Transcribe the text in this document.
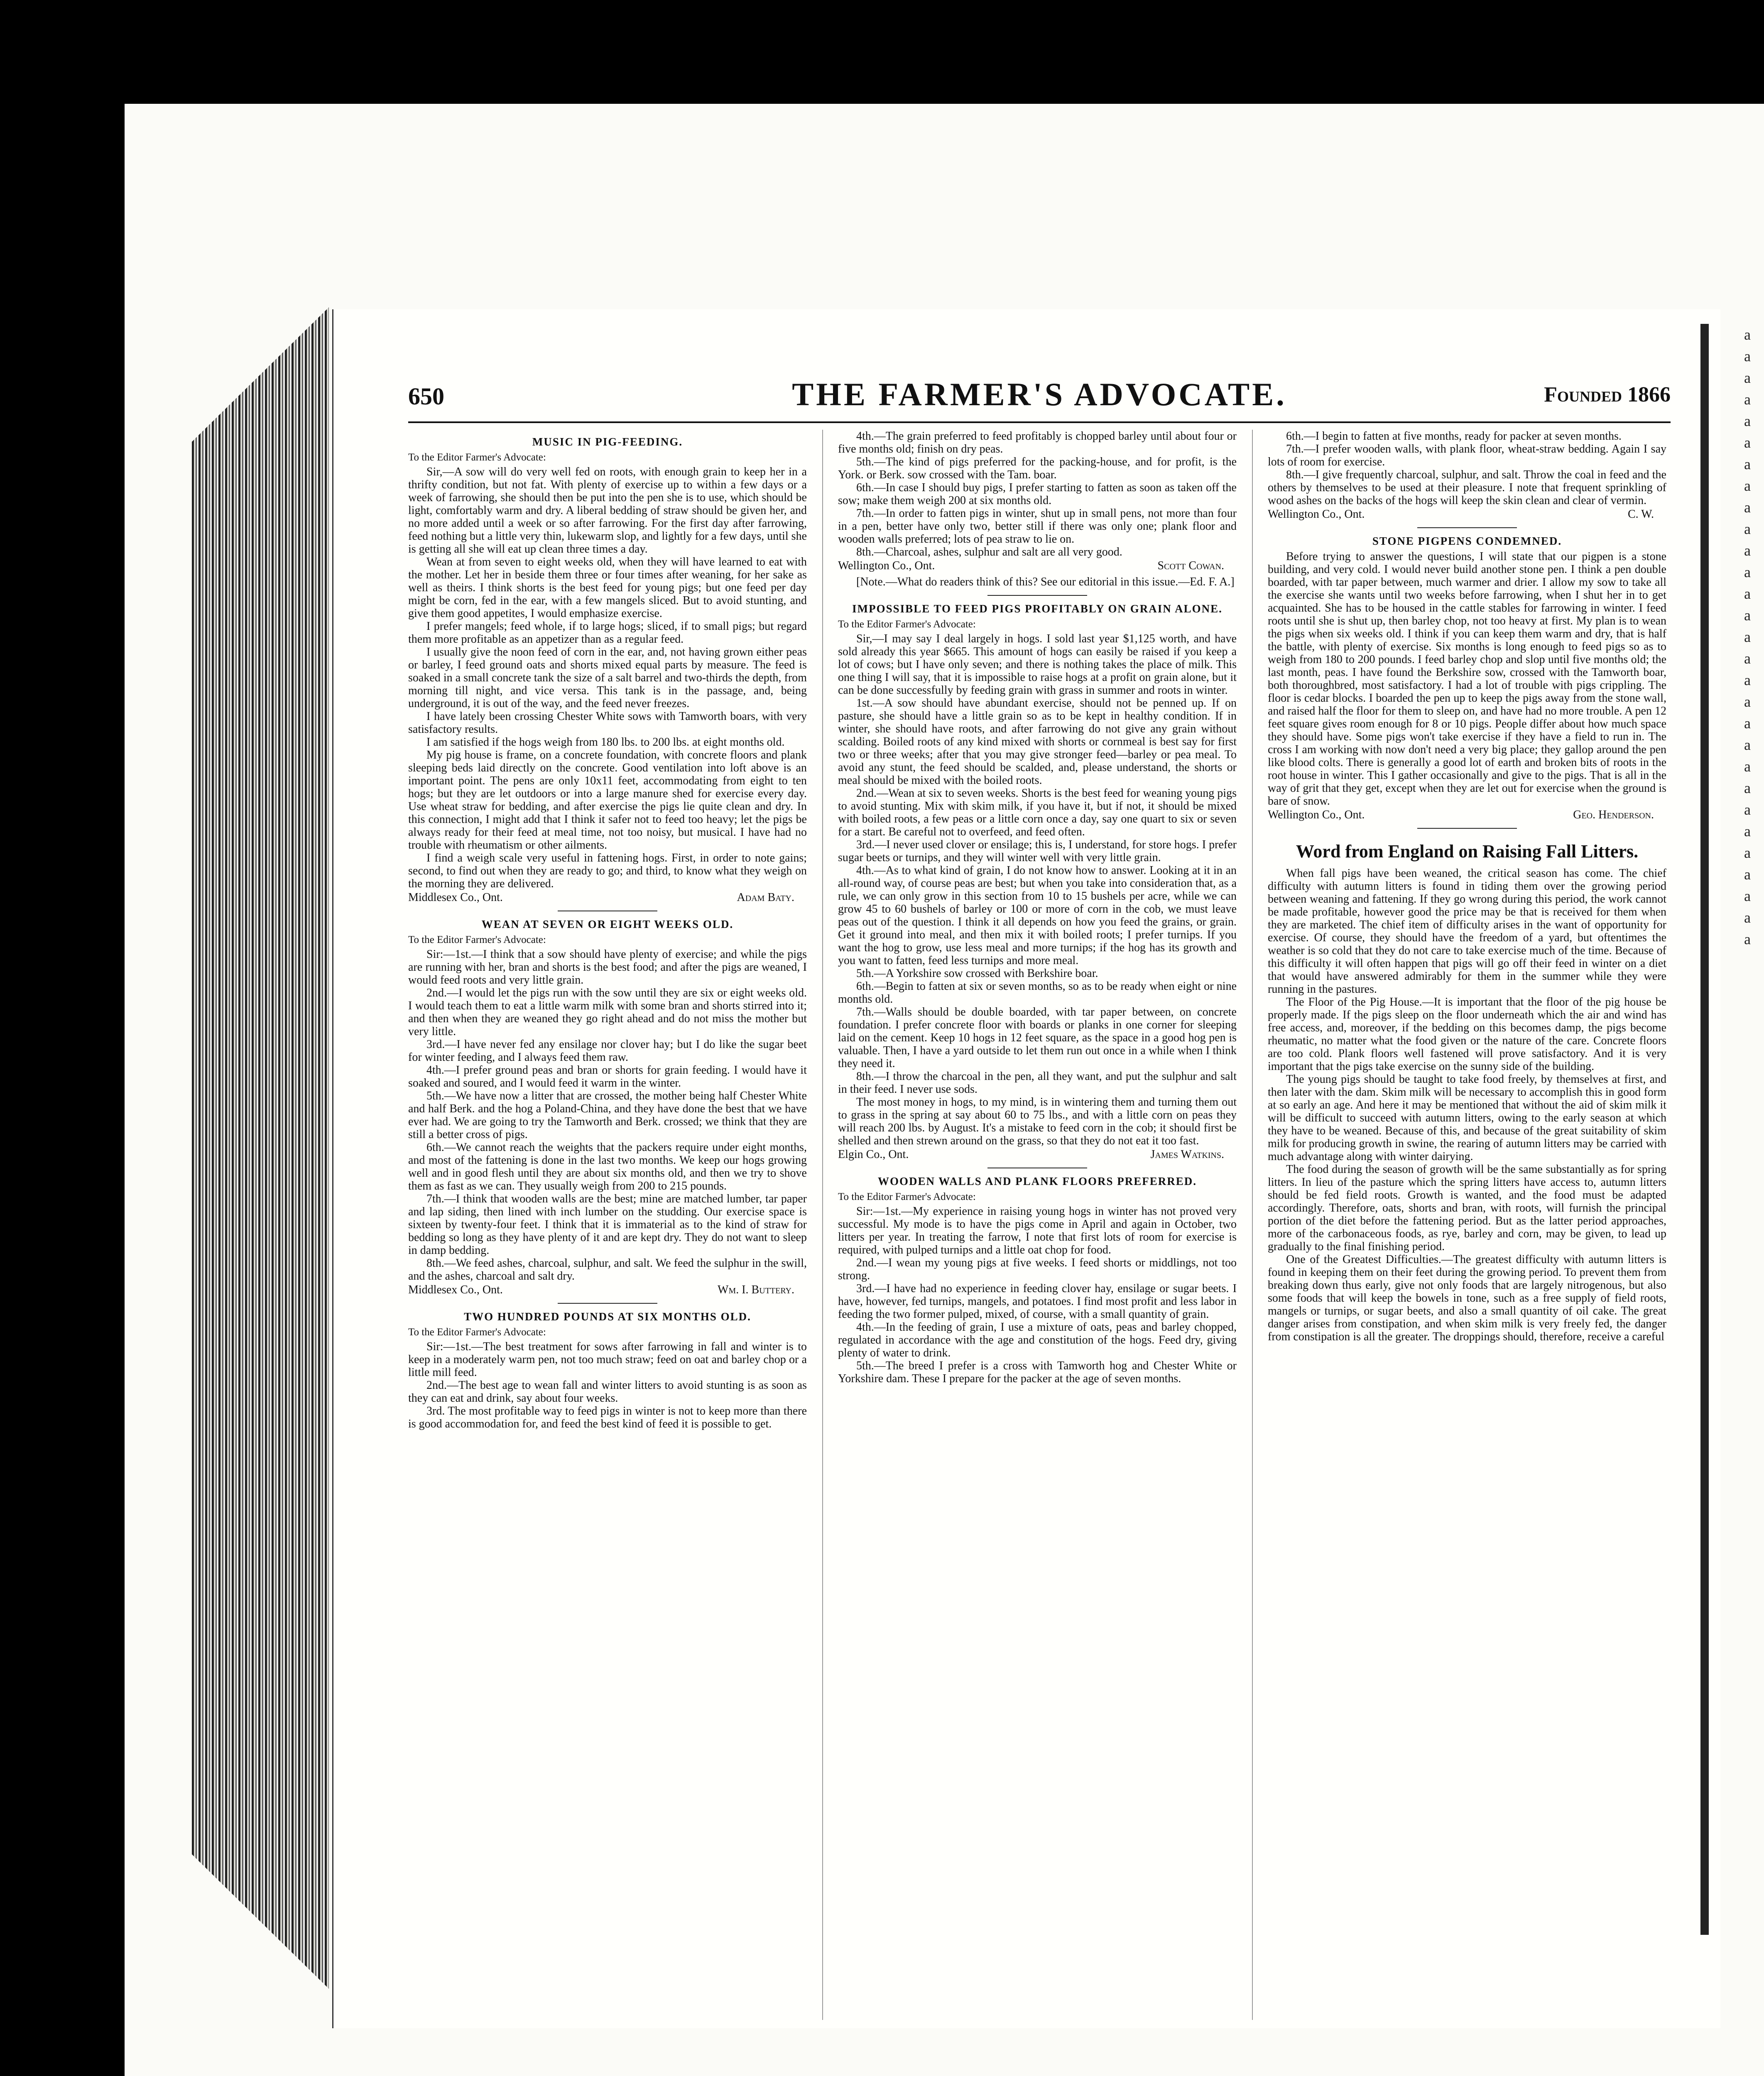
650	THE FARMER'S ADVOCATE.	Founded 1866
MUSIC IN PIG-FEEDING.
To the Editor Farmer's Advocate:

Sir,—A sow will do very well fed on roots, with enough grain to keep her in a thrifty condition, but not fat. With plenty of exercise up to within a few days or a week of farrowing, she should then be put into the pen she is to use, which should be light, comfortably warm and dry. A liberal bedding of straw should be given her, and no more added until a week or so after farrowing. For the first day after farrowing, feed nothing but a little very thin, lukewarm slop, and lightly for a few days, until she is getting all she will eat up clean three times a day.

Wean at from seven to eight weeks old, when they will have learned to eat with the mother. Let her in beside them three or four times after weaning, for her sake as well as theirs. I think shorts is the best feed for young pigs; but one feed per day might be corn, fed in the ear, with a few mangels sliced. But to avoid stunting, and give them good appetites, I would emphasize exercise.

I prefer mangels; feed whole, if to large hogs; sliced, if to small pigs; but regard them more profitable as an appetizer than as a regular feed.

I usually give the noon feed of corn in the ear, and, not having grown either peas or barley, I feed ground oats and shorts mixed equal parts by measure. The feed is soaked in a small concrete tank the size of a salt barrel and two-thirds the depth, from morning till night, and vice versa. This tank is in the passage, and, being underground, it is out of the way, and the feed never freezes.

I have lately been crossing Chester White sows with Tamworth boars, with very satisfactory results.

I am satisfied if the hogs weigh from 180 lbs. to 200 lbs. at eight months old.

My pig house is frame, on a concrete foundation, with concrete floors and plank sleeping beds laid directly on the concrete. Good ventilation into loft above is an important point. The pens are only 10x11 feet, accommodating from eight to ten hogs; but they are let outdoors or into a large manure shed for exercise every day. Use wheat straw for bedding, and after exercise the pigs lie quite clean and dry. In this connection, I might add that I think it safer not to feed too heavy; let the pigs be always ready for their feed at meal time, not too noisy, but musical. I have had no trouble with rheumatism or other ailments.

I find a weigh scale very useful in fattening hogs. First, in order to note gains; second, to find out when they are ready to go; and third, to know what they weigh on the morning they are delivered.

Middlesex Co., Ont.	Adam Baty.
WEAN AT SEVEN OR EIGHT WEEKS OLD.
To the Editor Farmer's Advocate:

Sir:—1st.—I think that a sow should have plenty of exercise; and while the pigs are running with her, bran and shorts is the best food; and after the pigs are weaned, I would feed roots and very little grain.

2nd.—I would let the pigs run with the sow until they are six or eight weeks old. I would teach them to eat a little warm milk with some bran and shorts stirred into it; and then when they are weaned they go right ahead and do not miss the mother but very little.

3rd.—I have never fed any ensilage nor clover hay; but I do like the sugar beet for winter feeding, and I always feed them raw.

4th.—I prefer ground peas and bran or shorts for grain feeding. I would have it soaked and soured, and I would feed it warm in the winter.

5th.—We have now a litter that are crossed, the mother being half Chester White and half Berk. and the hog a Poland-China, and they have done the best that we have ever had. We are going to try the Tamworth and Berk. crossed; we think that they are still a better cross of pigs.

6th.—We cannot reach the weights that the packers require under eight months, and most of the fattening is done in the last two months. We keep our hogs growing well and in good flesh until they are about six months old, and then we try to shove them as fast as we can. They usually weigh from 200 to 215 pounds.

7th.—I think that wooden walls are the best; mine are matched lumber, tar paper and lap siding, then lined with inch lumber on the studding. Our exercise space is sixteen by twenty-four feet. I think that it is immaterial as to the kind of straw for bedding so long as they have plenty of it and are kept dry. They do not want to sleep in damp bedding.

8th.—We feed ashes, charcoal, sulphur, and salt. We feed the sulphur in the swill, and the ashes, charcoal and salt dry.

Middlesex Co., Ont.	Wm. I. Buttery.
TWO HUNDRED POUNDS AT SIX MONTHS OLD.
To the Editor Farmer's Advocate:

Sir:—1st.—The best treatment for sows after farrowing in fall and winter is to keep in a moderately warm pen, not too much straw; feed on oat and barley chop or a little mill feed.

2nd.—The best age to wean fall and winter litters to avoid stunting is as soon as they can eat and drink, say about four weeks.

3rd. The most profitable way to feed pigs in winter is not to keep more than there is good accommodation for, and feed the best kind of feed it is possible to get.

4th.—The grain preferred to feed profitably is chopped barley until about four or five months old; finish on dry peas.

5th.—The kind of pigs preferred for the packing-house, and for profit, is the York. or Berk. sow crossed with the Tam. boar.

6th.—In case I should buy pigs, I prefer starting to fatten as soon as taken off the sow; make them weigh 200 at six months old.

7th.—In order to fatten pigs in winter, shut up in small pens, not more than four in a pen, better have only two, better still if there was only one; plank floor and wooden walls preferred; lots of pea straw to lie on.

8th.—Charcoal, ashes, sulphur and salt are all very good.

Wellington Co., Ont.	Scott Cowan.

[Note.—What do readers think of this? See our editorial in this issue.—Ed. F. A.]

IMPOSSIBLE TO FEED PIGS PROFITABLY ON GRAIN ALONE.
To the Editor Farmer's Advocate:

Sir,—I may say I deal largely in hogs. I sold last year $1,125 worth, and have sold already this year $665. This amount of hogs can easily be raised if you keep a lot of cows; but I have only seven; and there is nothing takes the place of milk. This one thing I will say, that it is impossible to raise hogs at a profit on grain alone, but it can be done successfully by feeding grain with grass in summer and roots in winter.

1st.—A sow should have abundant exercise, should not be penned up. If on pasture, she should have a little grain so as to be kept in healthy condition. If in winter, she should have roots, and after farrowing do not give any grain without scalding. Boiled roots of any kind mixed with shorts or cornmeal is best say for first two or three weeks; after that you may give stronger feed—barley or pea meal. To avoid any stunt, the feed should be scalded, and, please understand, the shorts or meal should be mixed with the boiled roots.

2nd.—Wean at six to seven weeks. Shorts is the best feed for weaning young pigs to avoid stunting. Mix with skim milk, if you have it, but if not, it should be mixed with boiled roots, a few peas or a little corn once a day, say one quart to six or seven for a start. Be careful not to overfeed, and feed often.

3rd.—I never used clover or ensilage; this is, I understand, for store hogs. I prefer sugar beets or turnips, and they will winter well with very little grain.

4th.—As to what kind of grain, I do not know how to answer. Looking at it in an all-round way, of course peas are best; but when you take into consideration that, as a rule, we can only grow in this section from 10 to 15 bushels per acre, while we can grow 45 to 60 bushels of barley or 100 or more of corn in the cob, we must leave peas out of the question. I think it all depends on how you feed the grains, or grain. Get it ground into meal, and then mix it with boiled roots; I prefer turnips. If you want the hog to grow, use less meal and more turnips; if the hog has its growth and you want to fatten, feed less turnips and more meal.

5th.—A Yorkshire sow crossed with Berkshire boar.

6th.—Begin to fatten at six or seven months, so as to be ready when eight or nine months old.

7th.—Walls should be double boarded, with tar paper between, on concrete foundation. I prefer concrete floor with boards or planks in one corner for sleeping laid on the cement. Keep 10 hogs in 12 feet square, as the space in a good hog pen is valuable. Then, I have a yard outside to let them run out once in a while when I think they need it.

8th.—I throw the charcoal in the pen, all they want, and put the sulphur and salt in their feed. I never use sods.

The most money in hogs, to my mind, is in wintering them and turning them out to grass in the spring at say about 60 to 75 lbs., and with a little corn on peas they will reach 200 lbs. by August. It's a mistake to feed corn in the cob; it should first be shelled and then strewn around on the grass, so that they do not eat it too fast.

Elgin Co., Ont.	James Watkins.
WOODEN WALLS AND PLANK FLOORS PREFERRED.
To the Editor Farmer's Advocate:

Sir:—1st.—My experience in raising young hogs in winter has not proved very successful. My mode is to have the pigs come in April and again in October, two litters per year. In treating the farrow, I note that first lots of room for exercise is required, with pulped turnips and a little oat chop for food.

2nd.—I wean my young pigs at five weeks. I feed shorts or middlings, not too strong.

3rd.—I have had no experience in feeding clover hay, ensilage or sugar beets. I have, however, fed turnips, mangels, and potatoes. I find most profit and less labor in feeding the two former pulped, mixed, of course, with a small quantity of grain.

4th.—In the feeding of grain, I use a mixture of oats, peas and barley chopped, regulated in accordance with the age and constitution of the hogs. Feed dry, giving plenty of water to drink.

5th.—The breed I prefer is a cross with Tamworth hog and Chester White or Yorkshire dam. These I prepare for the packer at the age of seven months.

6th.—I begin to fatten at five months, ready for packer at seven months.

7th.—I prefer wooden walls, with plank floor, wheat-straw bedding. Again I say lots of room for exercise.

8th.—I give frequently charcoal, sulphur, and salt. Throw the coal in feed and the others by themselves to be used at their pleasure. I note that frequent sprinkling of wood ashes on the backs of the hogs will keep the skin clean and clear of vermin.

Wellington Co., Ont.	C. W.
STONE PIGPENS CONDEMNED.

Before trying to answer the questions, I will state that our pigpen is a stone building, and very cold. I would never build another stone pen. I think a pen double boarded, with tar paper between, much warmer and drier. I allow my sow to take all the exercise she wants until two weeks before farrowing, when I shut her in to get acquainted. She has to be housed in the cattle stables for farrowing in winter. I feed roots until she is shut up, then barley chop, not too heavy at first. My plan is to wean the pigs when six weeks old. I think if you can keep them warm and dry, that is half the battle, with plenty of exercise. Six months is long enough to feed pigs so as to weigh from 180 to 200 pounds. I feed barley chop and slop until five months old; the last month, peas. I have found the Berkshire sow, crossed with the Tamworth boar, both thoroughbred, most satisfactory. I had a lot of trouble with pigs crippling. The floor is cedar blocks. I boarded the pen up to keep the pigs away from the stone wall, and raised half the floor for them to sleep on, and have had no more trouble. A pen 12 feet square gives room enough for 8 or 10 pigs. People differ about how much space they should have. Some pigs won't take exercise if they have a field to run in. The cross I am working with now don't need a very big place; they gallop around the pen like blood colts. There is generally a good lot of earth and broken bits of roots in the root house in winter. This I gather occasionally and give to the pigs. That is all in the way of grit that they get, except when they are let out for exercise when the ground is bare of snow.

Wellington Co., Ont.	Geo. Henderson.
Word from England on Raising Fall Litters.

When fall pigs have been weaned, the critical season has come. The chief difficulty with autumn litters is found in tiding them over the growing period between weaning and fattening. If they go wrong during this period, the work cannot be made profitable, however good the price may be that is received for them when they are marketed. The chief item of difficulty arises in the want of opportunity for exercise. Of course, they should have the freedom of a yard, but oftentimes the weather is so cold that they do not care to take exercise much of the time. Because of this difficulty it will often happen that pigs will go off their feed in winter on a diet that would have answered admirably for them in the summer while they were running in the pastures.

The Floor of the Pig House.—It is important that the floor of the pig house be properly made. If the pigs sleep on the floor underneath which the air and wind has free access, and, moreover, if the bedding on this becomes damp, the pigs become rheumatic, no matter what the food given or the nature of the care. Concrete floors are too cold. Plank floors well fastened will prove satisfactory. And it is very important that the pigs take exercise on the sunny side of the building.

The young pigs should be taught to take food freely, by themselves at first, and then later with the dam. Skim milk will be necessary to accomplish this in good form at so early an age. And here it may be mentioned that without the aid of skim milk it will be difficult to succeed with autumn litters, owing to the early season at which they have to be weaned. Because of this, and because of the great suitability of skim milk for producing growth in swine, the rearing of autumn litters may be carried with much advantage along with winter dairying.

The food during the season of growth will be the same substantially as for spring litters. In lieu of the pasture which the spring litters have access to, autumn litters should be fed field roots. Growth is wanted, and the food must be adapted accordingly. Therefore, oats, shorts and bran, with roots, will furnish the principal portion of the diet before the fattening period. But as the latter period approaches, more of the carbonaceous foods, as rye, barley and corn, may be given, to lead up gradually to the final finishing period.

One of the Greatest Difficulties.—The greatest difficulty with autumn litters is found in keeping them on their feet during the growing period. To prevent them from breaking down thus early, give not only foods that are largely nitrogenous, but also some foods that will keep the bowels in tone, such as a free supply of field roots, mangels or turnips, or sugar beets, and also a small quantity of oil cake. The great danger arises from constipation, and when skim milk is very freely fed, the danger from constipation is all the greater. The droppings should, therefore, receive a careful

a
a
a
a
a
a
a
a
a
a
a
a
a
a
a
a
a
a
a
a
a
a
a
a
a
a
a
a
a
